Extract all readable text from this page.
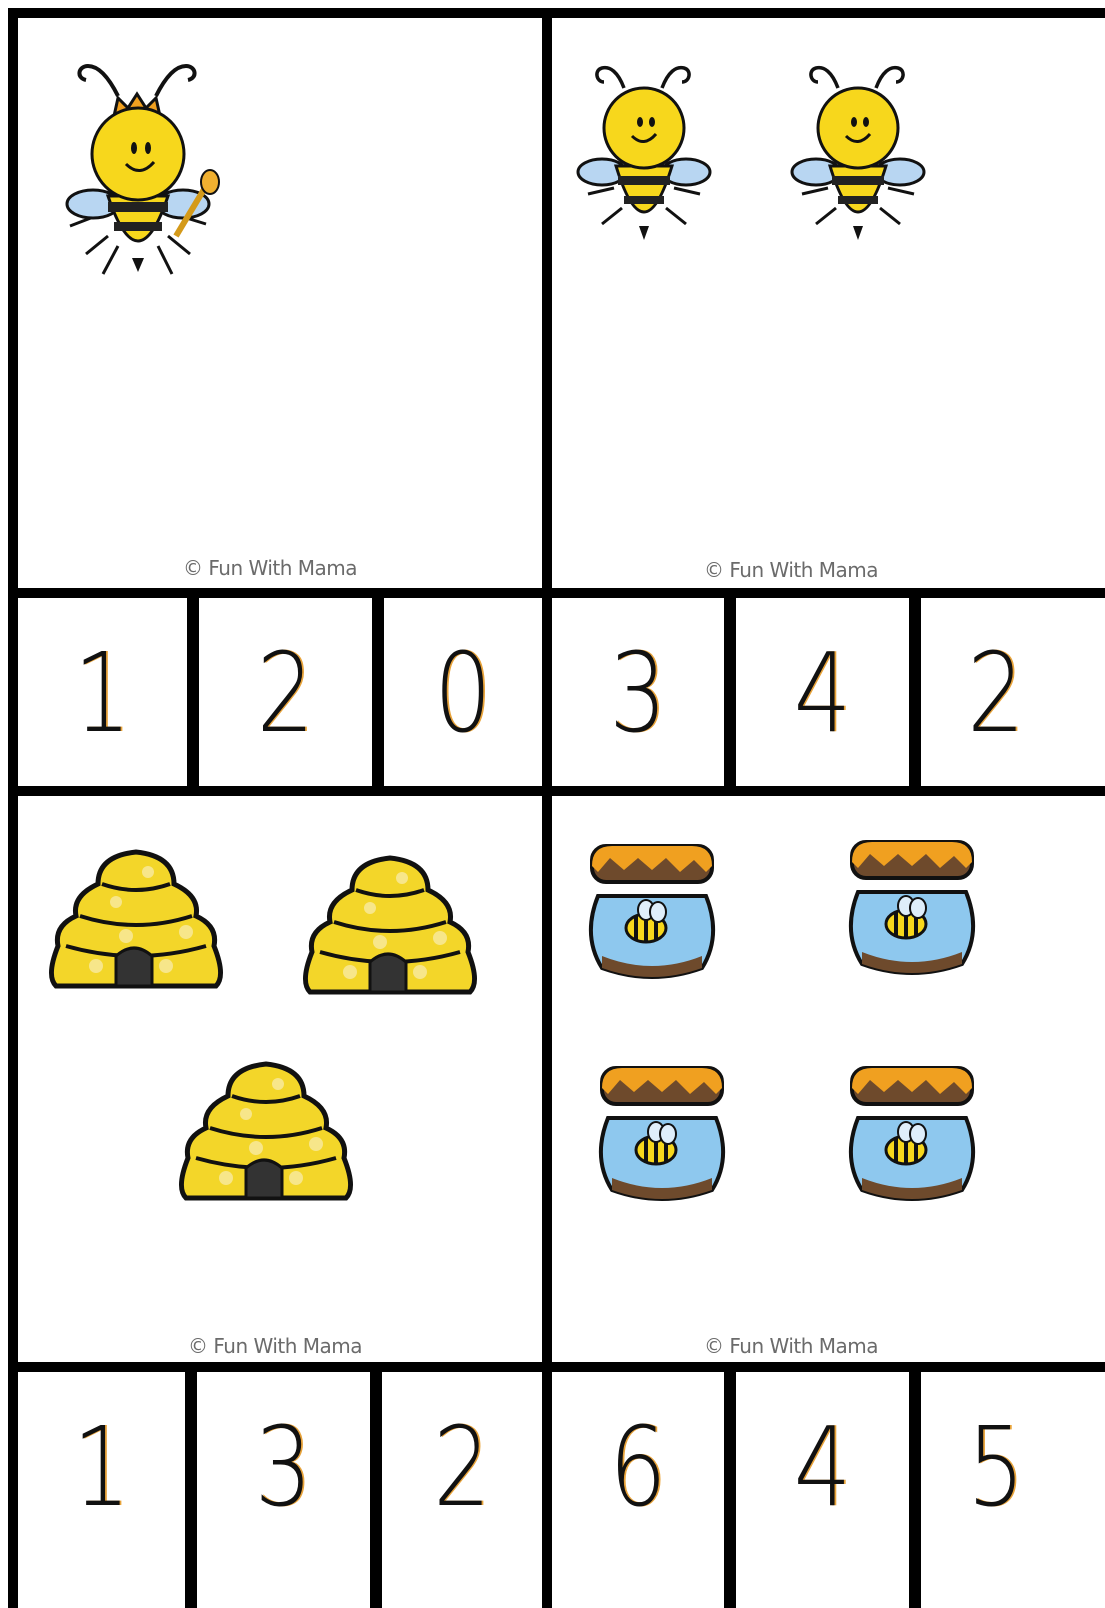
© Fun With Mama	© Fun With Mama
1	2	0	3	4	2
© Fun With Mama	© Fun With Mama
1	3	2	6	4	5
